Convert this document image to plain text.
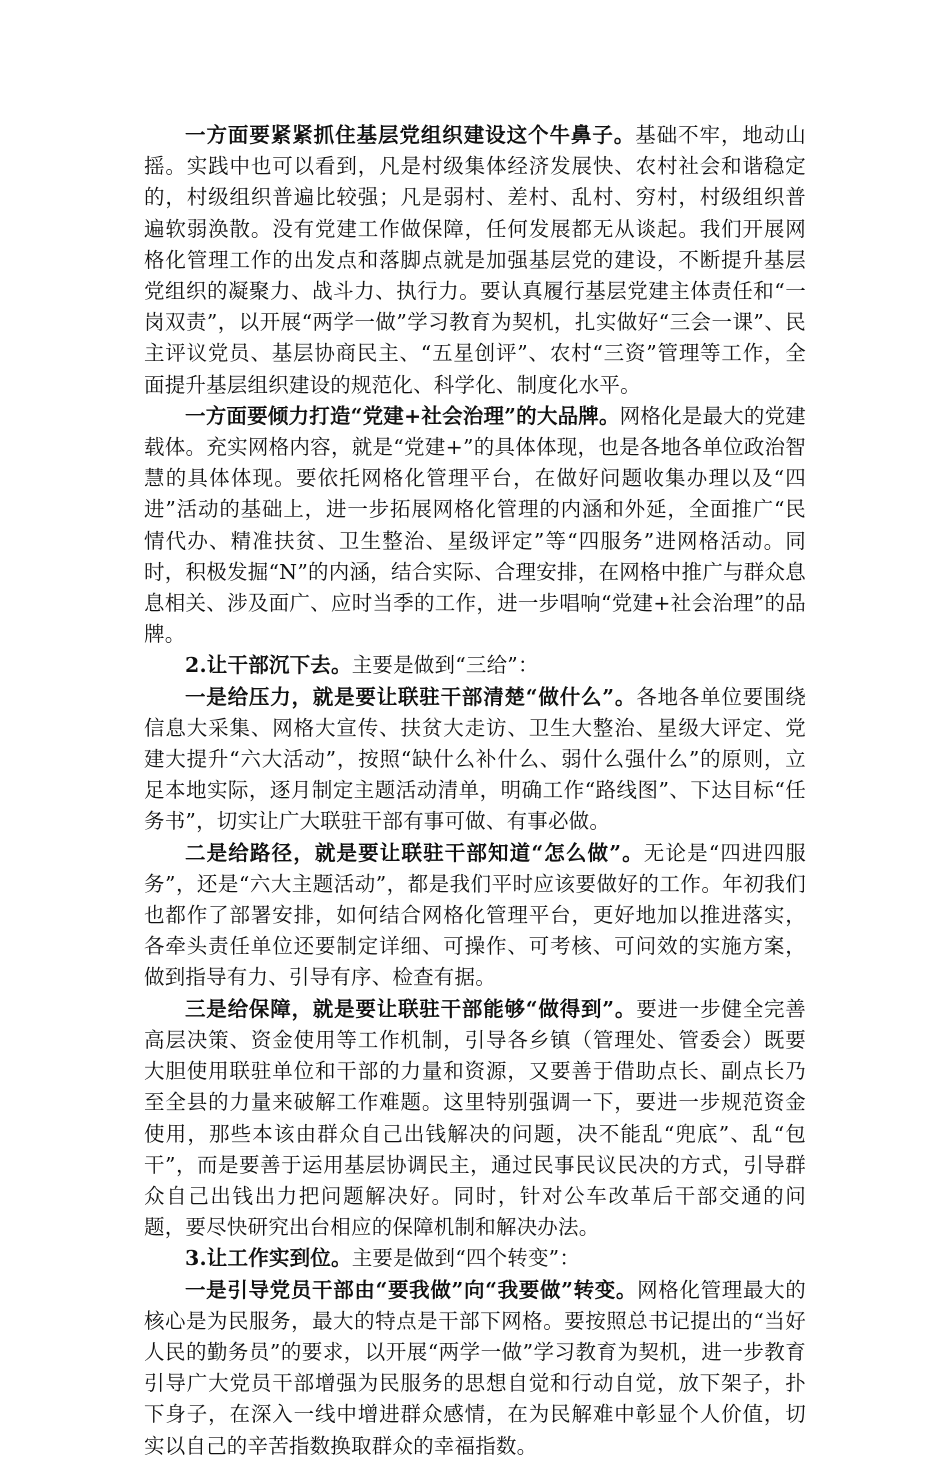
一方面要紧紧抓住基层党组织建设这个牛鼻子。基础不牢，地动山摇。实践中也可以看到，凡是村级集体经济发展快、农村社会和谐稳定的，村级组织普遍比较强；凡是弱村、差村、乱村、穷村，村级组织普遍软弱涣散。没有党建工作做保障，任何发展都无从谈起。我们开展网格化管理工作的出发点和落脚点就是加强基层党的建设，不断提升基层党组织的凝聚力、战斗力、执行力。要认真履行基层党建主体责任和“一岗双责”，以开展“两学一做”学习教育为契机，扎实做好“三会一课”、民主评议党员、基层协商民主、“五星创评”、农村“三资”管理等工作，全面提升基层组织建设的规范化、科学化、制度化水平。

一方面要倾力打造“党建+社会治理”的大品牌。网格化是最大的党建载体。充实网格内容，就是“党建+”的具体体现，也是各地各单位政治智慧的具体体现。要依托网格化管理平台，在做好问题收集办理以及“四进”活动的基础上，进一步拓展网格化管理的内涵和外延，全面推广“民情代办、精准扶贫、卫生整治、星级评定”等“四服务”进网格活动。同时，积极发掘“N”的内涵，结合实际、合理安排，在网格中推广与群众息息相关、涉及面广、应时当季的工作，进一步唱响“党建+社会治理”的品牌。

2.让干部沉下去。主要是做到“三给”：

一是给压力，就是要让联驻干部清楚“做什么”。各地各单位要围绕信息大采集、网格大宣传、扶贫大走访、卫生大整治、星级大评定、党建大提升“六大活动”，按照“缺什么补什么、弱什么强什么”的原则，立足本地实际，逐月制定主题活动清单，明确工作“路线图”、下达目标“任务书”，切实让广大联驻干部有事可做、有事必做。

二是给路径，就是要让联驻干部知道“怎么做”。无论是“四进四服务”，还是“六大主题活动”，都是我们平时应该要做好的工作。年初我们也都作了部署安排，如何结合网格化管理平台，更好地加以推进落实，各牵头责任单位还要制定详细、可操作、可考核、可问效的实施方案，做到指导有力、引导有序、检查有据。

三是给保障，就是要让联驻干部能够“做得到”。要进一步健全完善高层决策、资金使用等工作机制，引导各乡镇（管理处、管委会）既要大胆使用联驻单位和干部的力量和资源，又要善于借助点长、副点长乃至全县的力量来破解工作难题。这里特别强调一下，要进一步规范资金使用，那些本该由群众自己出钱解决的问题，决不能乱“兜底”、乱“包干”，而是要善于运用基层协调民主，通过民事民议民决的方式，引导群众自己出钱出力把问题解决好。同时，针对公车改革后干部交通的问题，要尽快研究出台相应的保障机制和解决办法。

3.让工作实到位。主要是做到“四个转变”：

一是引导党员干部由“要我做”向“我要做”转变。网格化管理最大的核心是为民服务，最大的特点是干部下网格。要按照总书记提出的“当好人民的勤务员”的要求，以开展“两学一做”学习教育为契机，进一步教育引导广大党员干部增强为民服务的思想自觉和行动自觉，放下架子，扑下身子，在深入一线中增进群众感情，在为民解难中彰显个人价值，切实以自己的辛苦指数换取群众的幸福指数。
